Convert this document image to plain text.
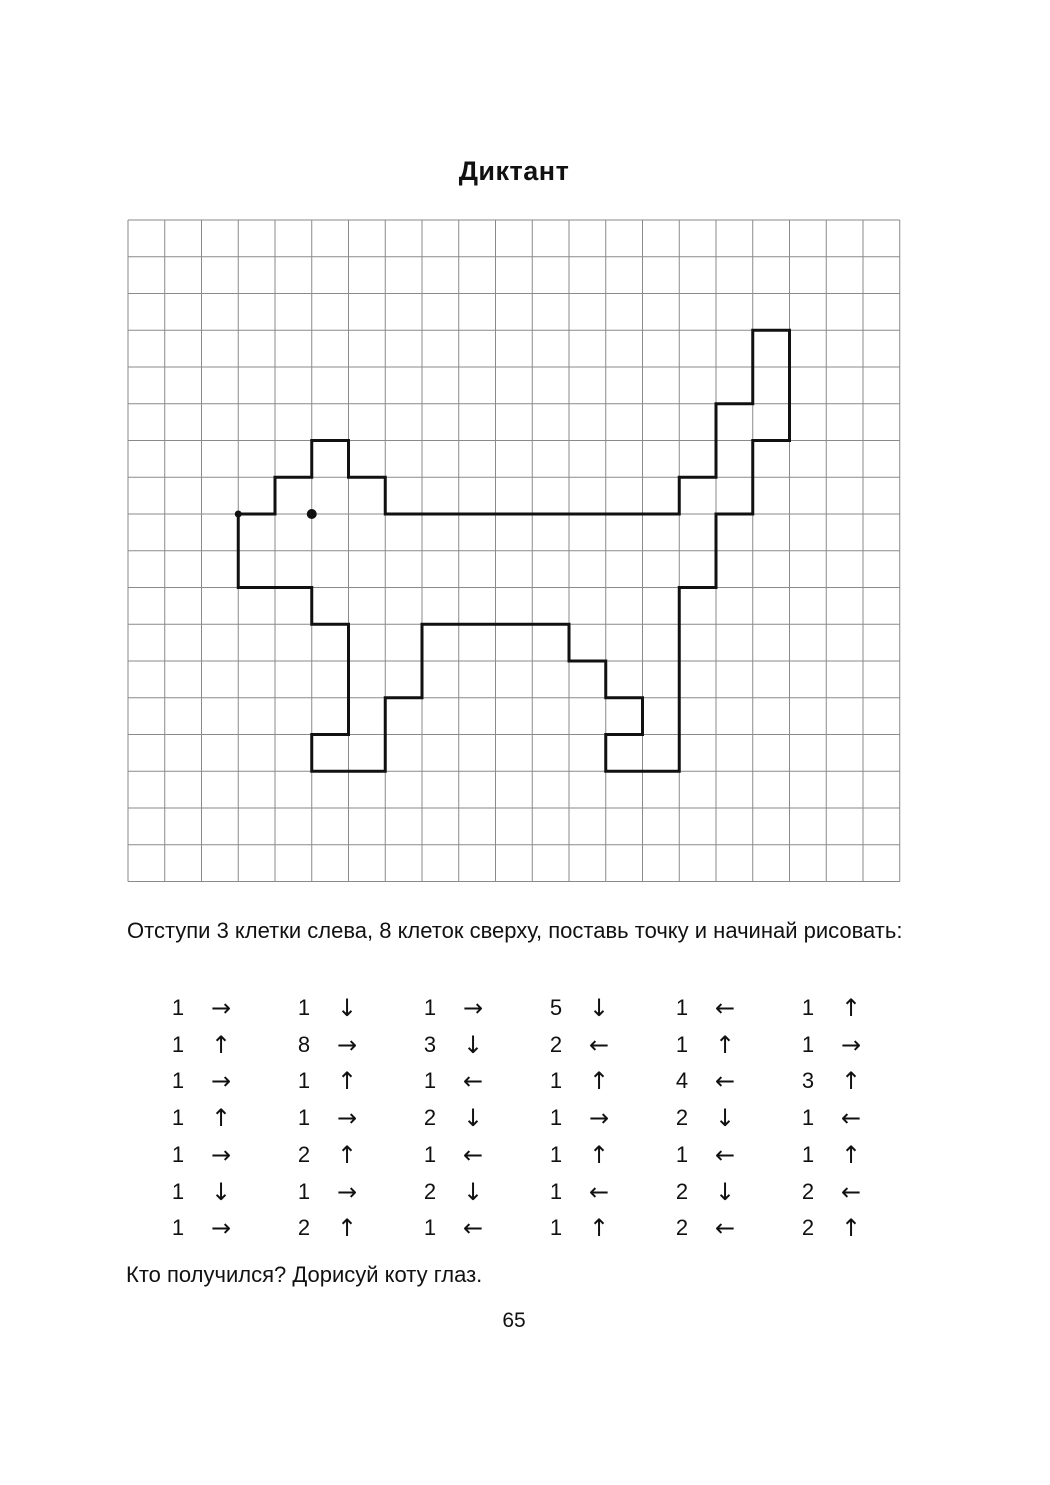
Диктант

Отступи 3 клетки слева, 8 клеток сверху, поставь точку и начинай рисовать:

1	→	1	↓	1	→	5	↓	1	←	1	↑
1	↑	8	→	3	↓	2	←	1	↑	1	→
1	→	1	↑	1	←	1	↑	4	←	3	↑
1	↑	1	→	2	↓	1	→	2	↓	1	←
1	→	2	↑	1	←	1	↑	1	←	1	↑
1	↓	1	→	2	↓	1	←	2	↓	2	←
1	→	2	↑	1	←	1	↑	2	←	2	↑

Кто получился? Дорисуй коту глаз.

65
